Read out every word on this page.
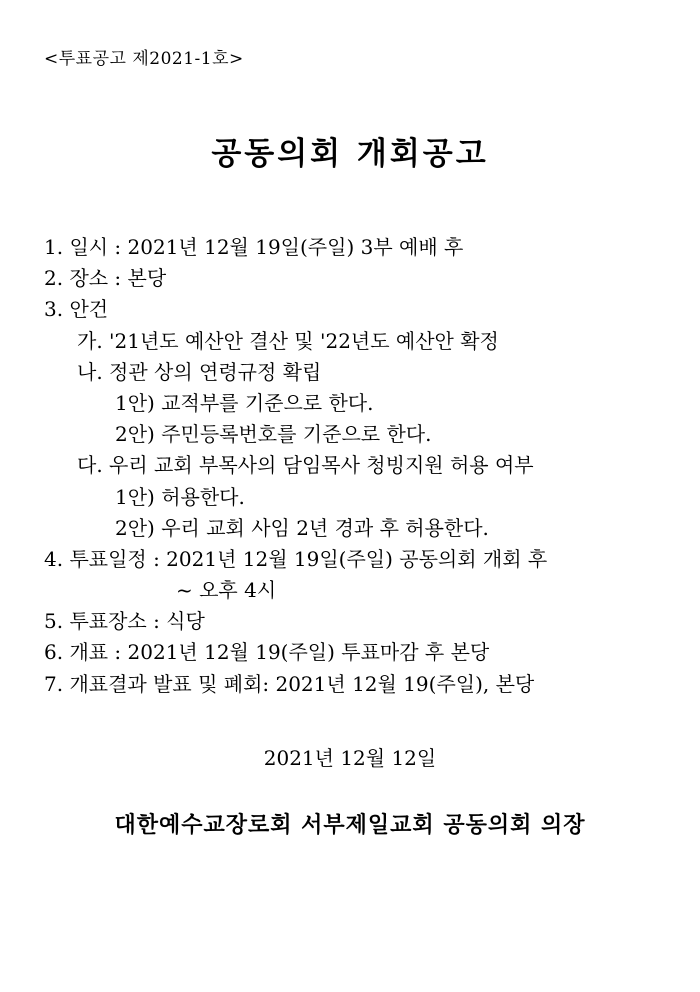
<투표공고 제2021-1호>
공동의회 개회공고
1. 일시 : 2021년 12월 19일(주일) 3부 예배 후
2. 장소 : 본당
3. 안건
가. '21년도 예산안 결산 및 '22년도 예산안 확정
나. 정관 상의 연령규정 확립
1안) 교적부를 기준으로 한다.
2안) 주민등록번호를 기준으로 한다.
다. 우리 교회 부목사의 담임목사 청빙지원 허용 여부
1안) 허용한다.
2안) 우리 교회 사임 2년 경과 후 허용한다.
4. 투표일정 : 2021년 12월 19일(주일) 공동의회 개회 후
~ 오후 4시
5. 투표장소 : 식당
6. 개표 : 2021년 12월 19(주일) 투표마감 후 본당
7. 개표결과 발표 및 폐회: 2021년 12월 19(주일), 본당
2021년 12월 12일
대한예수교장로회 서부제일교회 공동의회 의장
